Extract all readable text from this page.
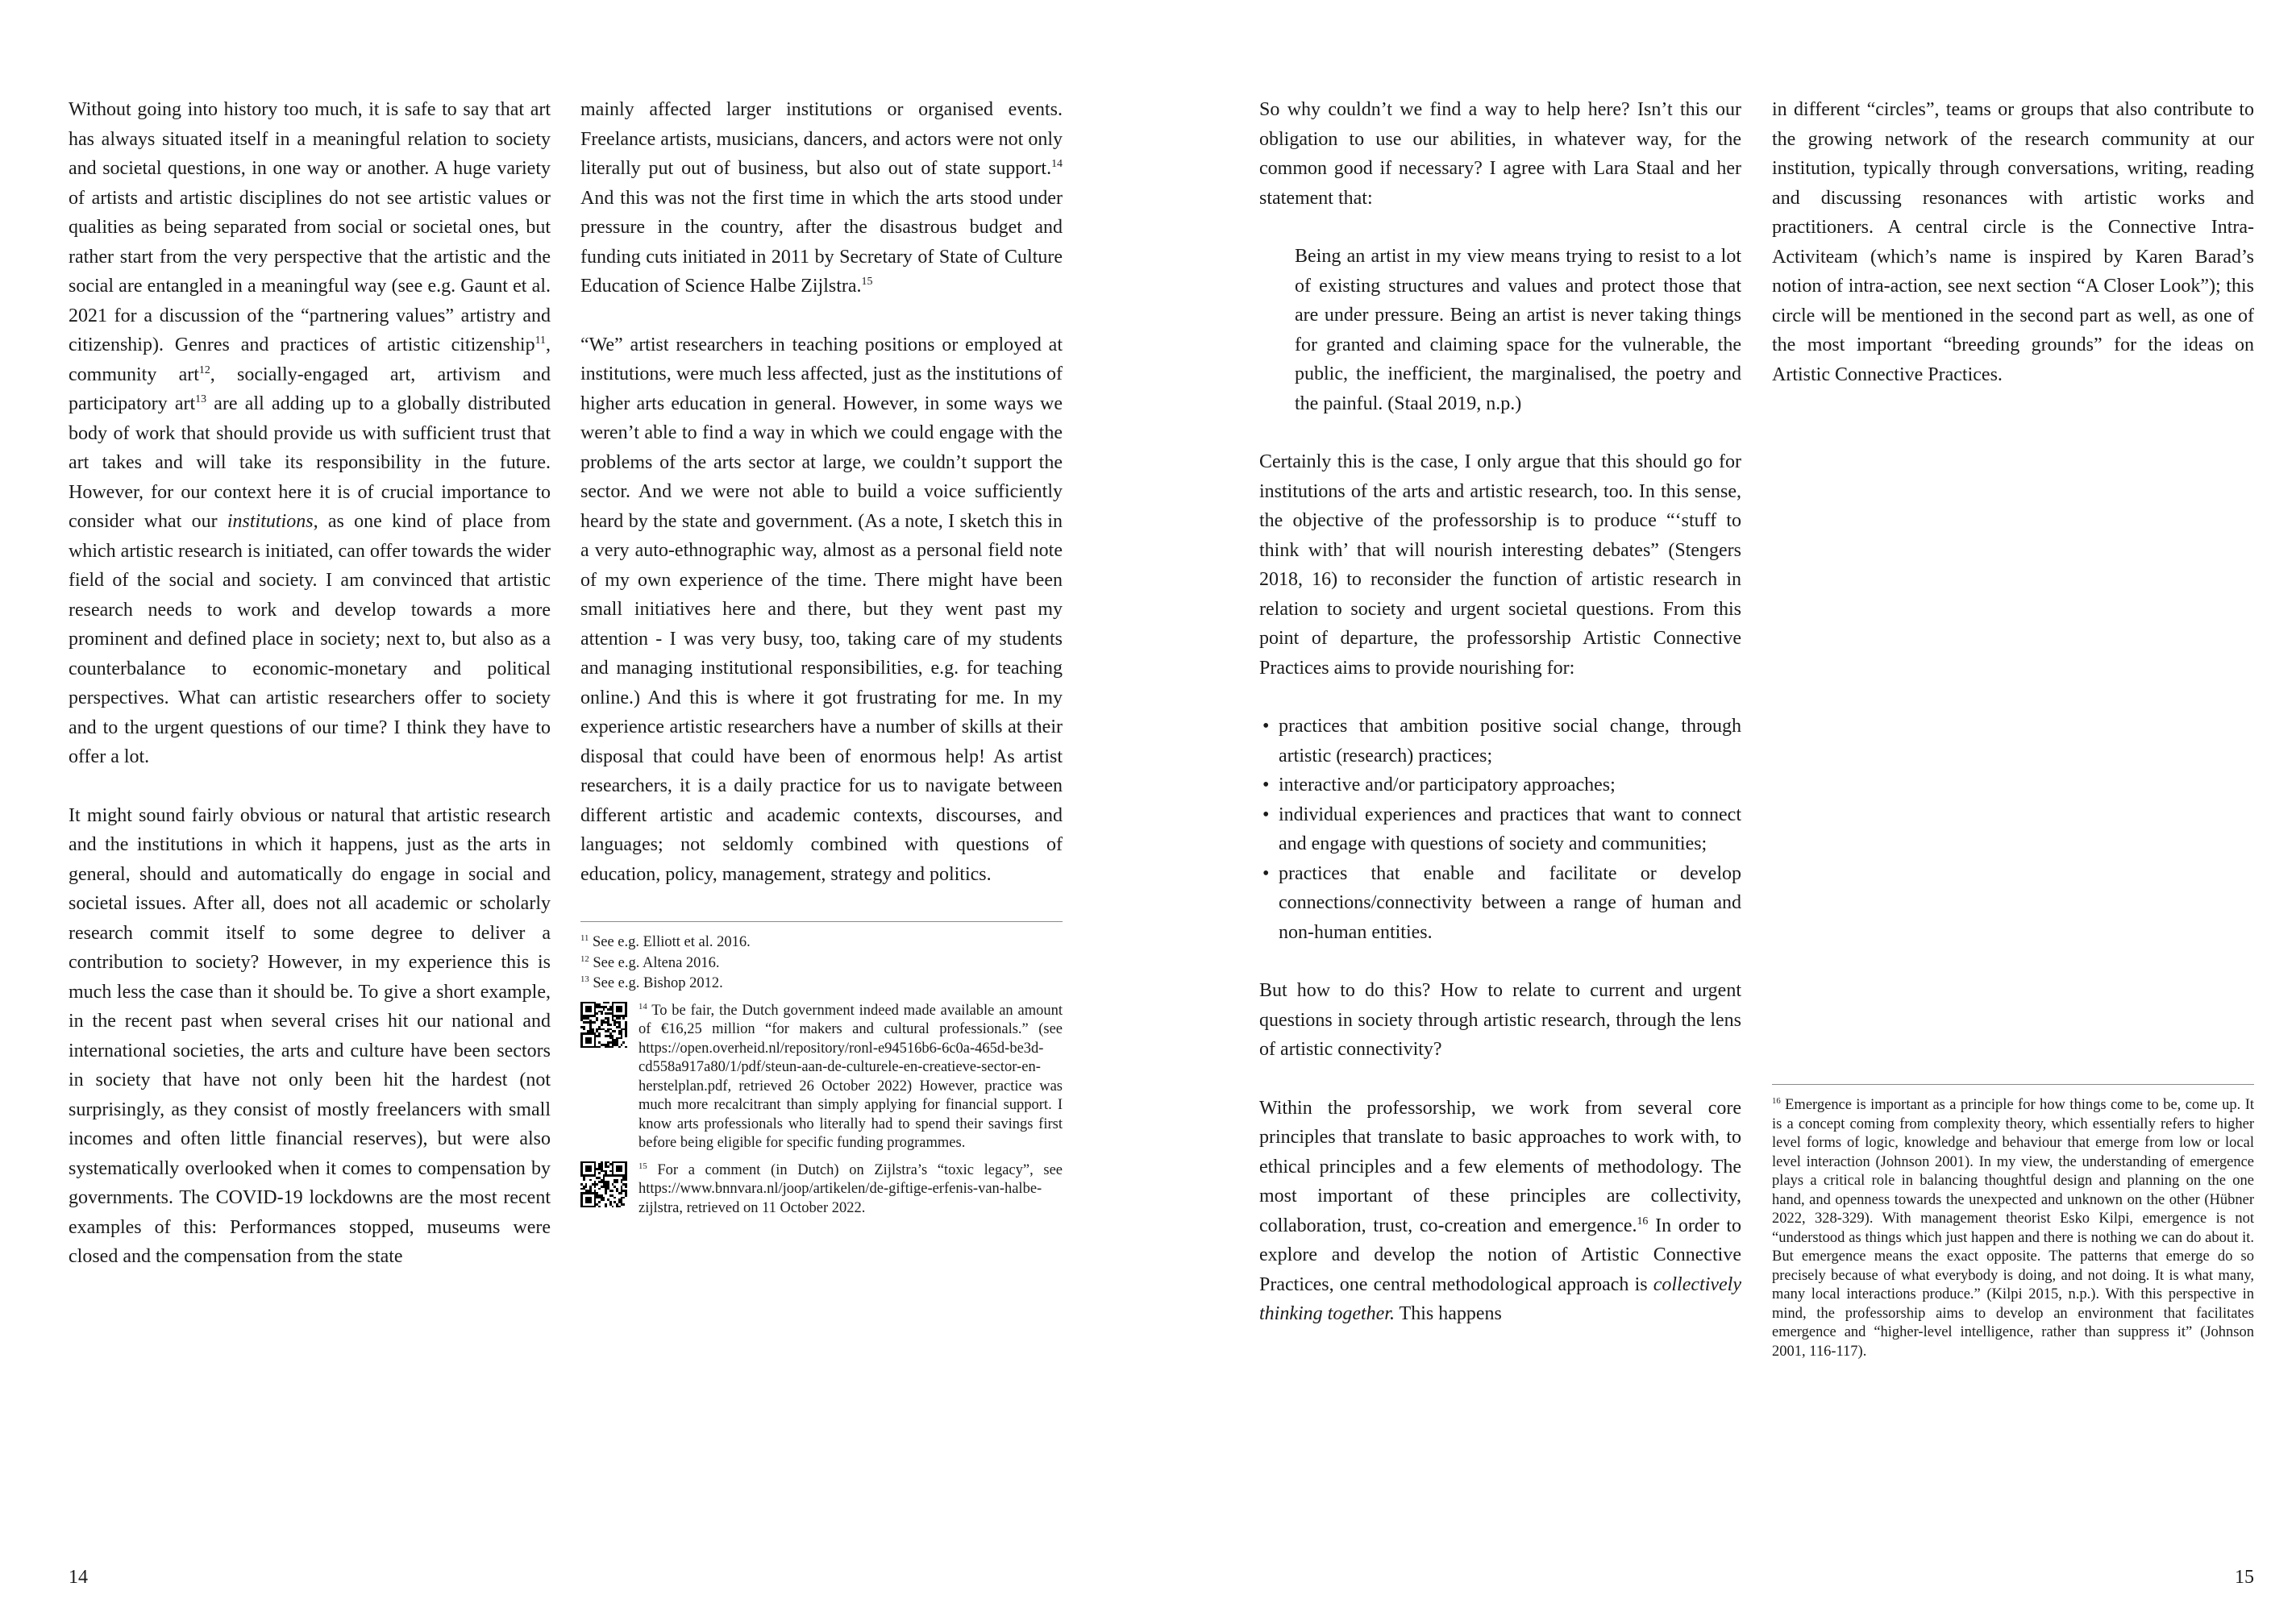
Without going into history too much, it is safe to say that art has always situated itself in a meaningful relation to society and societal questions, in one way or another. A huge variety of artists and artistic disciplines do not see artistic values or qualities as being separated from social or societal ones, but rather start from the very perspective that the artistic and the social are entangled in a meaningful way (see e.g. Gaunt et al. 2021 for a discussion of the “partnering values” artistry and citizenship). Genres and practices of artistic citizenship$^{11}$, community art$^{12}$, socially-engaged art, artivism and participatory art$^{13}$ are all adding up to a globally distributed body of work that should provide us with sufficient trust that art takes and will take its responsibility in the future. However, for our context here it is of crucial importance to consider what our institutions, as one kind of place from which artistic research is initiated, can offer towards the wider field of the social and society. I am convinced that artistic research needs to work and develop towards a more prominent and defined place in society; next to, but also as a counterbalance to economic-monetary and political perspectives. What can artistic researchers offer to society and to the urgent questions of our time? I think they have to offer a lot.

It might sound fairly obvious or natural that artistic research and the institutions in which it happens, just as the arts in general, should and automatically do engage in social and societal issues. After all, does not all academic or scholarly research commit itself to some degree to deliver a contribution to society? However, in my experience this is much less the case than it should be. To give a short example, in the recent past when several crises hit our national and international societies, the arts and culture have been sectors in society that have not only been hit the hardest (not surprisingly, as they consist of mostly freelancers with small incomes and often little financial reserves), but were also systematically overlooked when it comes to compensation by governments. The COVID-19 lockdowns are the most recent examples of this: Performances stopped, museums were closed and the compensation from the state

mainly affected larger institutions or organised events. Freelance artists, musicians, dancers, and actors were not only literally put out of business, but also out of state support.$^{14}$ And this was not the first time in which the arts stood under pressure in the country, after the disastrous budget and funding cuts initiated in 2011 by Secretary of State of Culture Education of Science Halbe Zijlstra.$^{15}$

“We” artist researchers in teaching positions or employed at institutions, were much less affected, just as the institutions of higher arts education in general. However, in some ways we weren’t able to find a way in which we could engage with the problems of the arts sector at large, we couldn’t support the sector. And we were not able to build a voice sufficiently heard by the state and government. (As a note, I sketch this in a very auto-ethnographic way, almost as a personal field note of my own experience of the time. There might have been small initiatives here and there, but they went past my attention - I was very busy, too, taking care of my students and managing institutional responsibilities, e.g. for teaching online.) And this is where it got frustrating for me. In my experience artistic researchers have a number of skills at their disposal that could have been of enormous help! As artist researchers, it is a daily practice for us to navigate between different artistic and academic contexts, discourses, and languages; not seldomly combined with questions of education, policy, management, strategy and politics.

$^{11}$ See e.g. Elliott et al. 2016.

$^{12}$ See e.g. Altena 2016.

$^{13}$ See e.g. Bishop 2012.

$^{14}$ To be fair, the Dutch government indeed made available an amount of €16,25 million “for makers and cultural professionals.” (see https://open.overheid.nl/repository/ronl-e94516b6-6c0a-465d-be3d-cd558a917a80/1/pdf/steun-aan-de-culturele-en-creatieve-sector-en-herstelplan.pdf, retrieved 26 October 2022) However, practice was much more recalcitrant than simply applying for financial support. I know arts professionals who literally had to spend their savings first before being eligible for specific funding programmes.

$^{15}$ For a comment (in Dutch) on Zijlstra’s “toxic legacy”, see https://www.bnnvara.nl/joop/artikelen/de-giftige-erfenis-van-halbe-zijlstra, retrieved on 11 October 2022.

So why couldn’t we find a way to help here? Isn’t this our obligation to use our abilities, in whatever way, for the common good if necessary? I agree with Lara Staal and her statement that:

Being an artist in my view means trying to resist to a lot of existing structures and values and protect those that are under pressure. Being an artist is never taking things for granted and claiming space for the vulnerable, the public, the inefficient, the marginalised, the poetry and the painful. (Staal 2019, n.p.)

Certainly this is the case, I only argue that this should go for institutions of the arts and artistic research, too. In this sense, the objective of the professorship is to produce “‘stuff to think with’ that will nourish interesting debates” (Stengers 2018, 16) to reconsider the function of artistic research in relation to society and urgent societal questions. From this point of departure, the professorship Artistic Connective Practices aims to provide nourishing for:

• practices that ambition positive social change, through artistic (research) practices;
• interactive and/or participatory approaches;
• individual experiences and practices that want to connect and engage with questions of society and communities;
• practices that enable and facilitate or develop connections/connectivity between a range of human and non-human entities.

But how to do this? How to relate to current and urgent questions in society through artistic research, through the lens of artistic connectivity?

Within the professorship, we work from several core principles that translate to basic approaches to work with, to ethical principles and a few elements of methodology. The most important of these principles are collectivity, collaboration, trust, co-creation and emergence.$^{16}$ In order to explore and develop the notion of Artistic Connective Practices, one central methodological approach is collectively thinking together. This happens

in different “circles”, teams or groups that also contribute to the growing network of the research community at our institution, typically through conversations, writing, reading and discussing resonances with artistic works and practitioners. A central circle is the Connective Intra-Activiteam (which’s name is inspired by Karen Barad’s notion of intra-action, see next section “A Closer Look”); this circle will be mentioned in the second part as well, as one of the most important “breeding grounds” for the ideas on Artistic Connective Practices.

$^{16}$ Emergence is important as a principle for how things come to be, come up. It is a concept coming from complexity theory, which essentially refers to higher level forms of logic, knowledge and behaviour that emerge from low or local level interaction (Johnson 2001). In my view, the understanding of emergence plays a critical role in balancing thoughtful design and planning on the one hand, and openness towards the unexpected and unknown on the other (Hübner 2022, 328-329). With management theorist Esko Kilpi, emergence is not “understood as things which just happen and there is nothing we can do about it. But emergence means the exact opposite. The patterns that emerge do so precisely because of what everybody is doing, and not doing. It is what many, many local interactions produce.” (Kilpi 2015, n.p.). With this perspective in mind, the professorship aims to develop an environment that facilitates emergence and “higher-level intelligence, rather than suppress it” (Johnson 2001, 116-117).

14	15
